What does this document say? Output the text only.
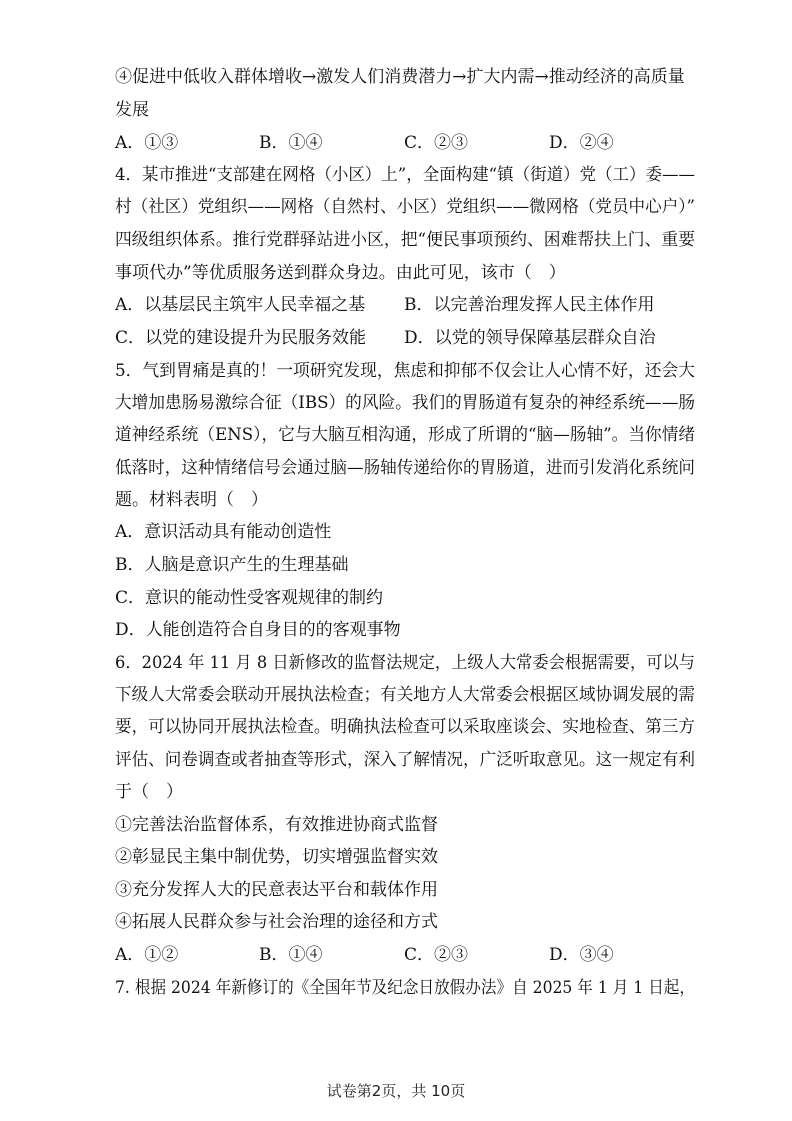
④促进中低收入群体增收→激发人们消费潜力→扩大内需→推动经济的高质量
发展
A．①③	B．①④	C．②③	D．②④
4．某市推进“支部建在网格（小区）上”，全面构建“镇（街道）党（工）委——
村（社区）党组织——网格（自然村、小区）党组织——微网格（党员中心户）”
四级组织体系。推行党群驿站进小区，把“便民事项预约、困难帮扶上门、重要
事项代办”等优质服务送到群众身边。由此可见，该市（　）
A．以基层民主筑牢人民幸福之基 B．以完善治理发挥人民主体作用
C．以党的建设提升为民服务效能 D．以党的领导保障基层群众自治
5．气到胃痛是真的！一项研究发现，焦虑和抑郁不仅会让人心情不好，还会大
大增加患肠易激综合征（IBS）的风险。我们的胃肠道有复杂的神经系统——肠
道神经系统（ENS），它与大脑互相沟通，形成了所谓的“脑—肠轴”。当你情绪
低落时，这种情绪信号会通过脑—肠轴传递给你的胃肠道，进而引发消化系统问
题。材料表明（　）
A．意识活动具有能动创造性
B．人脑是意识产生的生理基础
C．意识的能动性受客观规律的制约
D．人能创造符合自身目的的客观事物
6．2024 年 11 月 8 日新修改的监督法规定，上级人大常委会根据需要，可以与
下级人大常委会联动开展执法检查；有关地方人大常委会根据区域协调发展的需
要，可以协同开展执法检查。明确执法检查可以采取座谈会、实地检查、第三方
评估、问卷调查或者抽查等形式，深入了解情况，广泛听取意见。这一规定有利
于（　）
①完善法治监督体系，有效推进协商式监督
②彰显民主集中制优势，切实增强监督实效
③充分发挥人大的民意表达平台和载体作用
④拓展人民群众参与社会治理的途径和方式
A．①②	B．①④	C．②③	D．③④
7. 根据 2024 年新修订的《全国年节及纪念日放假办法》自 2025 年 1 月 1 日起，
试卷第2页，共 10页
